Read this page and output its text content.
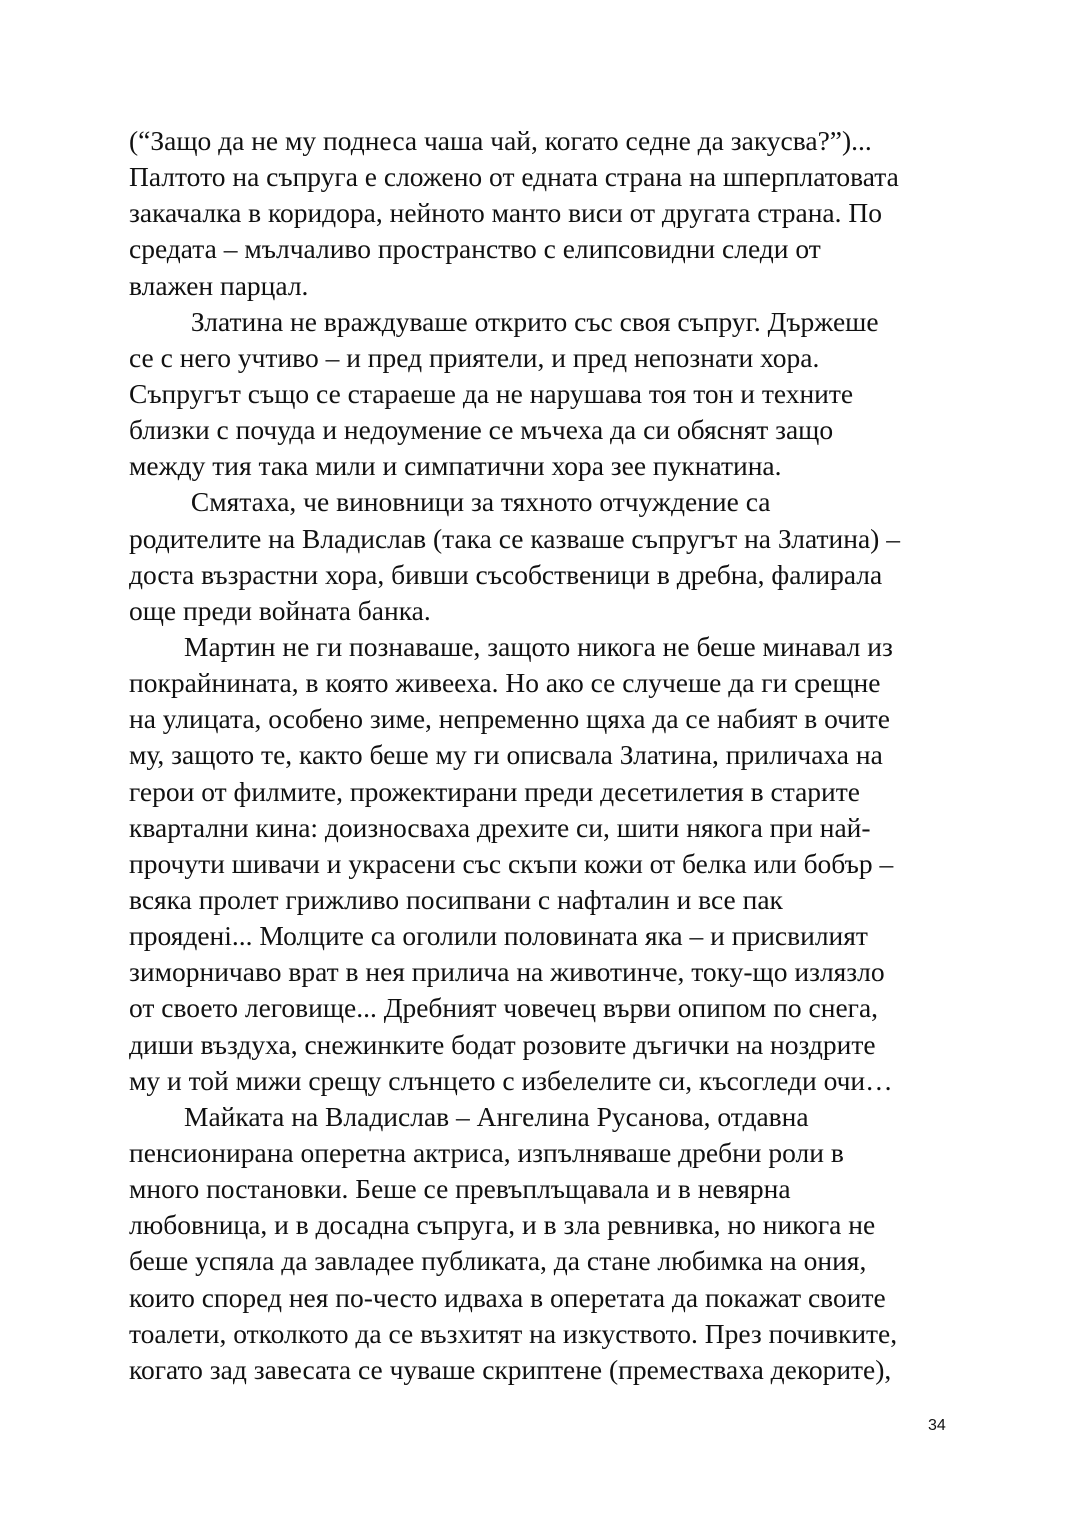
(“Защо да не му поднеса чаша чай, когато седне да закусва?”)...
Палтото на съпруга е сложено от едната страна на шперплатовата
закачалка в коридора, нейното манто виси от другата страна. По
средата – мълчаливо пространство с елипсовидни следи от
влажен парцал.
Златина не враждуваше открито със своя съпруг. Държеше
се с него учтиво – и пред приятели, и пред непознати хора.
Съпругът също се стараеше да не нарушава тоя тон и техните
близки с почуда и недоумение се мъчеха да си обяснят защо
между тия така мили и симпатични хора зее пукнатина.
Смятаха, че виновници за тяхното отчуждение са
родителите на Владислав (така се казваше съпругът на Златина) –
доста възрастни хора, бивши съсобственици в дребна, фалирала
още преди войната банка.
Мартин не ги познаваше, защото никога не беше минавал из
покрайнината, в която живееха. Но ако се случеше да ги срещне
на улицата, особено зиме, непременно щяха да се набият в очите
му, защото те, както беше му ги описвала Златина, приличаха на
герои от филмите, прожектирани преди десетилетия в старите
квартални кина: доизносваха дрехите си, шити някога при най-
прочути шивачи и украсени със скъпи кожи от белка или бобър –
всяка пролет грижливо посипвани с нафталин и все пак
прояденi... Молците са оголили половината яка – и присвилият
зиморничаво врат в нея прилича на животинче, току-що излязло
от своето леговище... Дребният човечец върви опипом по снега,
диши въздуха, снежинките бодат розовите дъгички на ноздрите
му и той мижи срещу слънцето с избелелите си, късогледи очи…
Майката на Владислав – Ангелина Русанова, отдавна
пенсионирана оперетна актриса, изпълняваше дребни роли в
много постановки. Беше се превъплъщавала и в невярна
любовница, и в досадна съпруга, и в зла ревнивка, но никога не
беше успяла да завладее публиката, да стане любимка на ония,
които според нея по-често идваха в оперетата да покажат своите
тоалети, отколкото да се възхитят на изкуството. През почивките,
когато зад завесата се чуваше скриптене (преместваха декорите),
34
